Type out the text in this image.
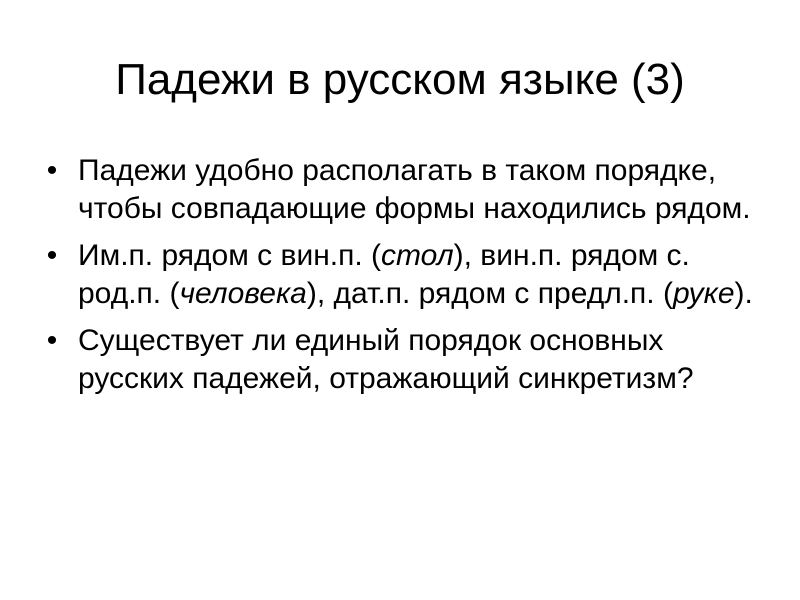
Падежи в русском языке (3)
• Падежи удобно располагать в таком порядке, чтобы совпадающие формы находились рядом.
• Им.п. рядом с вин.п. (стол), вин.п. рядом с. род.п. (человека), дат.п. рядом с предл.п. (руке).
• Существует ли единый порядок основных русских падежей, отражающий синкретизм?
